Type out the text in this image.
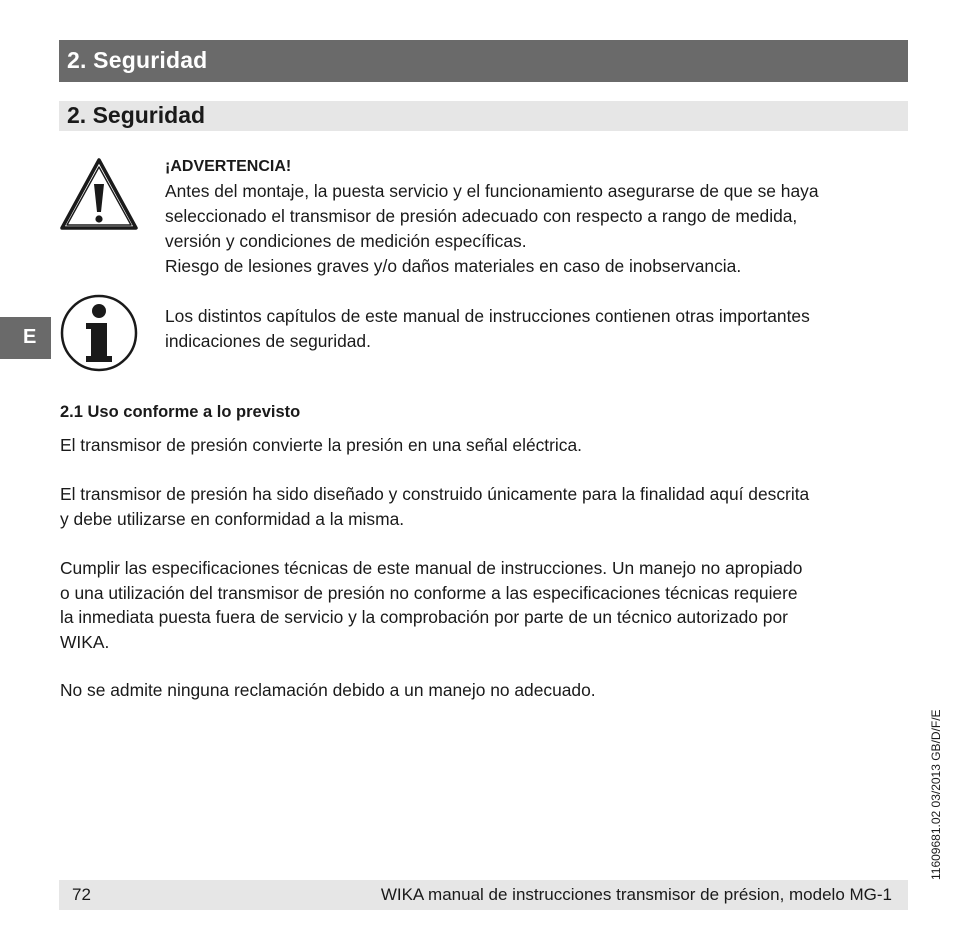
2. Seguridad
2. Seguridad
E
¡ADVERTENCIA!
Antes del montaje, la puesta servicio y el funcionamiento asegurarse de que se haya
seleccionado el transmisor de presión adecuado con respecto a rango de medida,
versión y condiciones de medición específicas.
Riesgo de lesiones graves y/o daños materiales en caso de inobservancia.
Los distintos capítulos de este manual de instrucciones contienen otras importantes
indicaciones de seguridad.
2.1 Uso conforme a lo previsto
El transmisor de presión convierte la presión en una señal eléctrica.
El transmisor de presión ha sido diseñado y construido únicamente para la finalidad aquí descrita
y debe utilizarse en conformidad a la misma.
Cumplir las especificaciones técnicas de este manual de instrucciones. Un manejo no apropiado
o una utilización del transmisor de presión no conforme a las especificaciones técnicas requiere
la inmediata puesta fuera de servicio y la comprobación por parte de un técnico autorizado por
WIKA.
No se admite ninguna reclamación debido a un manejo no adecuado.
11609681.02 03/2013 GB/D/F/E
72	WIKA manual de instrucciones transmisor de présion, modelo MG-1
